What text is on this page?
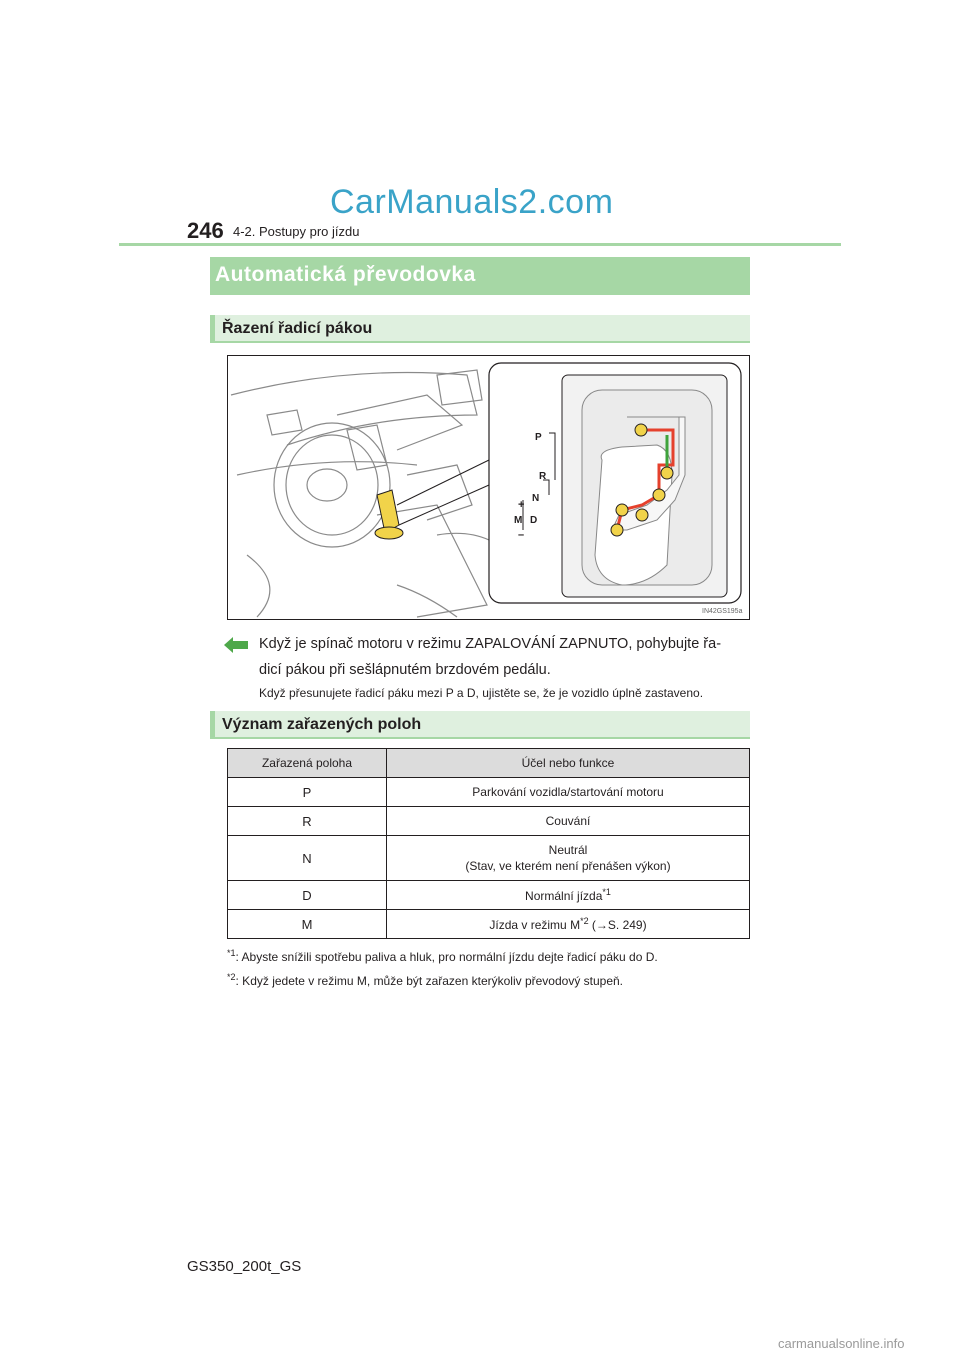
CarManuals2.com
246 4-2. Postupy pro jízdu
Automatická převodovka
Řazení řadicí pákou
P
R
N
D
M
+
–
IN42GS195a
Když je spínač motoru v režimu ZAPALOVÁNÍ ZAPNUTO, pohybujte řa-
dicí pákou při sešlápnutém brzdovém pedálu.
Když přesunujete řadicí páku mezi P a D, ujistěte se, že je vozidlo úplně zastaveno.
Význam zařazených poloh
Zařazená poloha	Účel nebo funkce
P	Parkování vozidla/startování motoru
R	Couvání
N	Neutrál
(Stav, ve kterém není přenášen výkon)

D	Normální jízda$^{*1}$
M	Jízda v režimu $M^{*2}$ (→S. 249)
$^{*1}$: Abyste snížili spotřebu paliva a hluk, pro normální jízdu dejte řadicí páku do D.
$^{*2}$: Když jedete v režimu M, může být zařazen kterýkoliv převodový stupeň.
GS350_200t_GS
carmanualsonline.info
